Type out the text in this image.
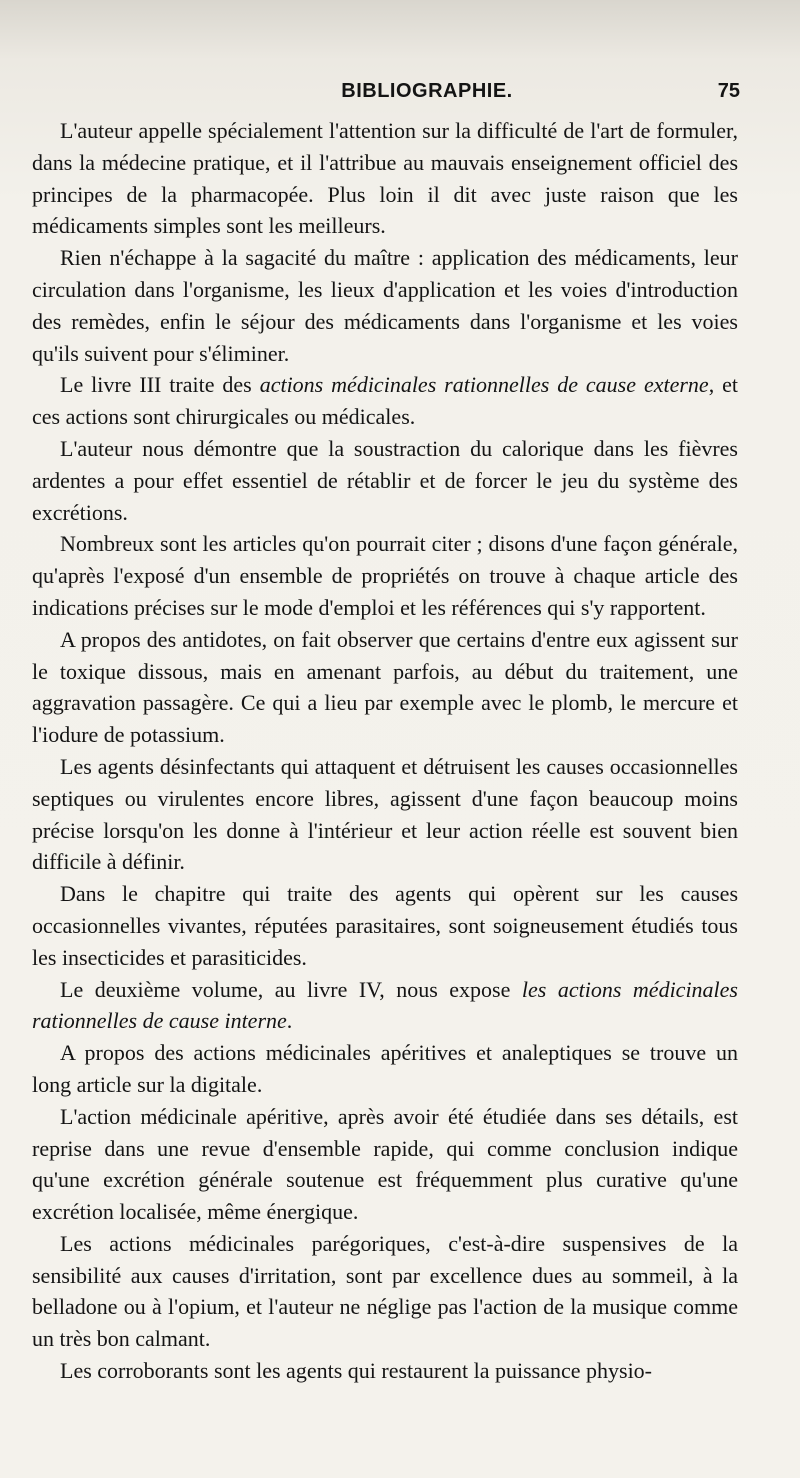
BIBLIOGRAPHIE.	75

L'auteur appelle spécialement l'attention sur la difficulté de l'art de formuler, dans la médecine pratique, et il l'attribue au mauvais enseignement officiel des principes de la pharmacopée. Plus loin il dit avec juste raison que les médicaments simples sont les meilleurs.

Rien n'échappe à la sagacité du maître : application des médicaments, leur circulation dans l'organisme, les lieux d'application et les voies d'introduction des remèdes, enfin le séjour des médicaments dans l'organisme et les voies qu'ils suivent pour s'éliminer.

Le livre III traite des actions médicinales rationnelles de cause externe, et ces actions sont chirurgicales ou médicales.

L'auteur nous démontre que la soustraction du calorique dans les fièvres ardentes a pour effet essentiel de rétablir et de forcer le jeu du système des excrétions.

Nombreux sont les articles qu'on pourrait citer ; disons d'une façon générale, qu'après l'exposé d'un ensemble de propriétés on trouve à chaque article des indications précises sur le mode d'emploi et les références qui s'y rapportent.

A propos des antidotes, on fait observer que certains d'entre eux agissent sur le toxique dissous, mais en amenant parfois, au début du traitement, une aggravation passagère. Ce qui a lieu par exemple avec le plomb, le mercure et l'iodure de potassium.

Les agents désinfectants qui attaquent et détruisent les causes occasionnelles septiques ou virulentes encore libres, agissent d'une façon beaucoup moins précise lorsqu'on les donne à l'intérieur et leur action réelle est souvent bien difficile à définir.

Dans le chapitre qui traite des agents qui opèrent sur les causes occasionnelles vivantes, réputées parasitaires, sont soigneusement étudiés tous les insecticides et parasiticides.

Le deuxième volume, au livre IV, nous expose les actions médicinales rationnelles de cause interne.

A propos des actions médicinales apéritives et analeptiques se trouve un long article sur la digitale.

L'action médicinale apéritive, après avoir été étudiée dans ses détails, est reprise dans une revue d'ensemble rapide, qui comme conclusion indique qu'une excrétion générale soutenue est fréquemment plus curative qu'une excrétion localisée, même énergique.

Les actions médicinales parégoriques, c'est-à-dire suspensives de la sensibilité aux causes d'irritation, sont par excellence dues au sommeil, à la belladone ou à l'opium, et l'auteur ne néglige pas l'action de la musique comme un très bon calmant.

Les corroborants sont les agents qui restaurent la puissance physio-
